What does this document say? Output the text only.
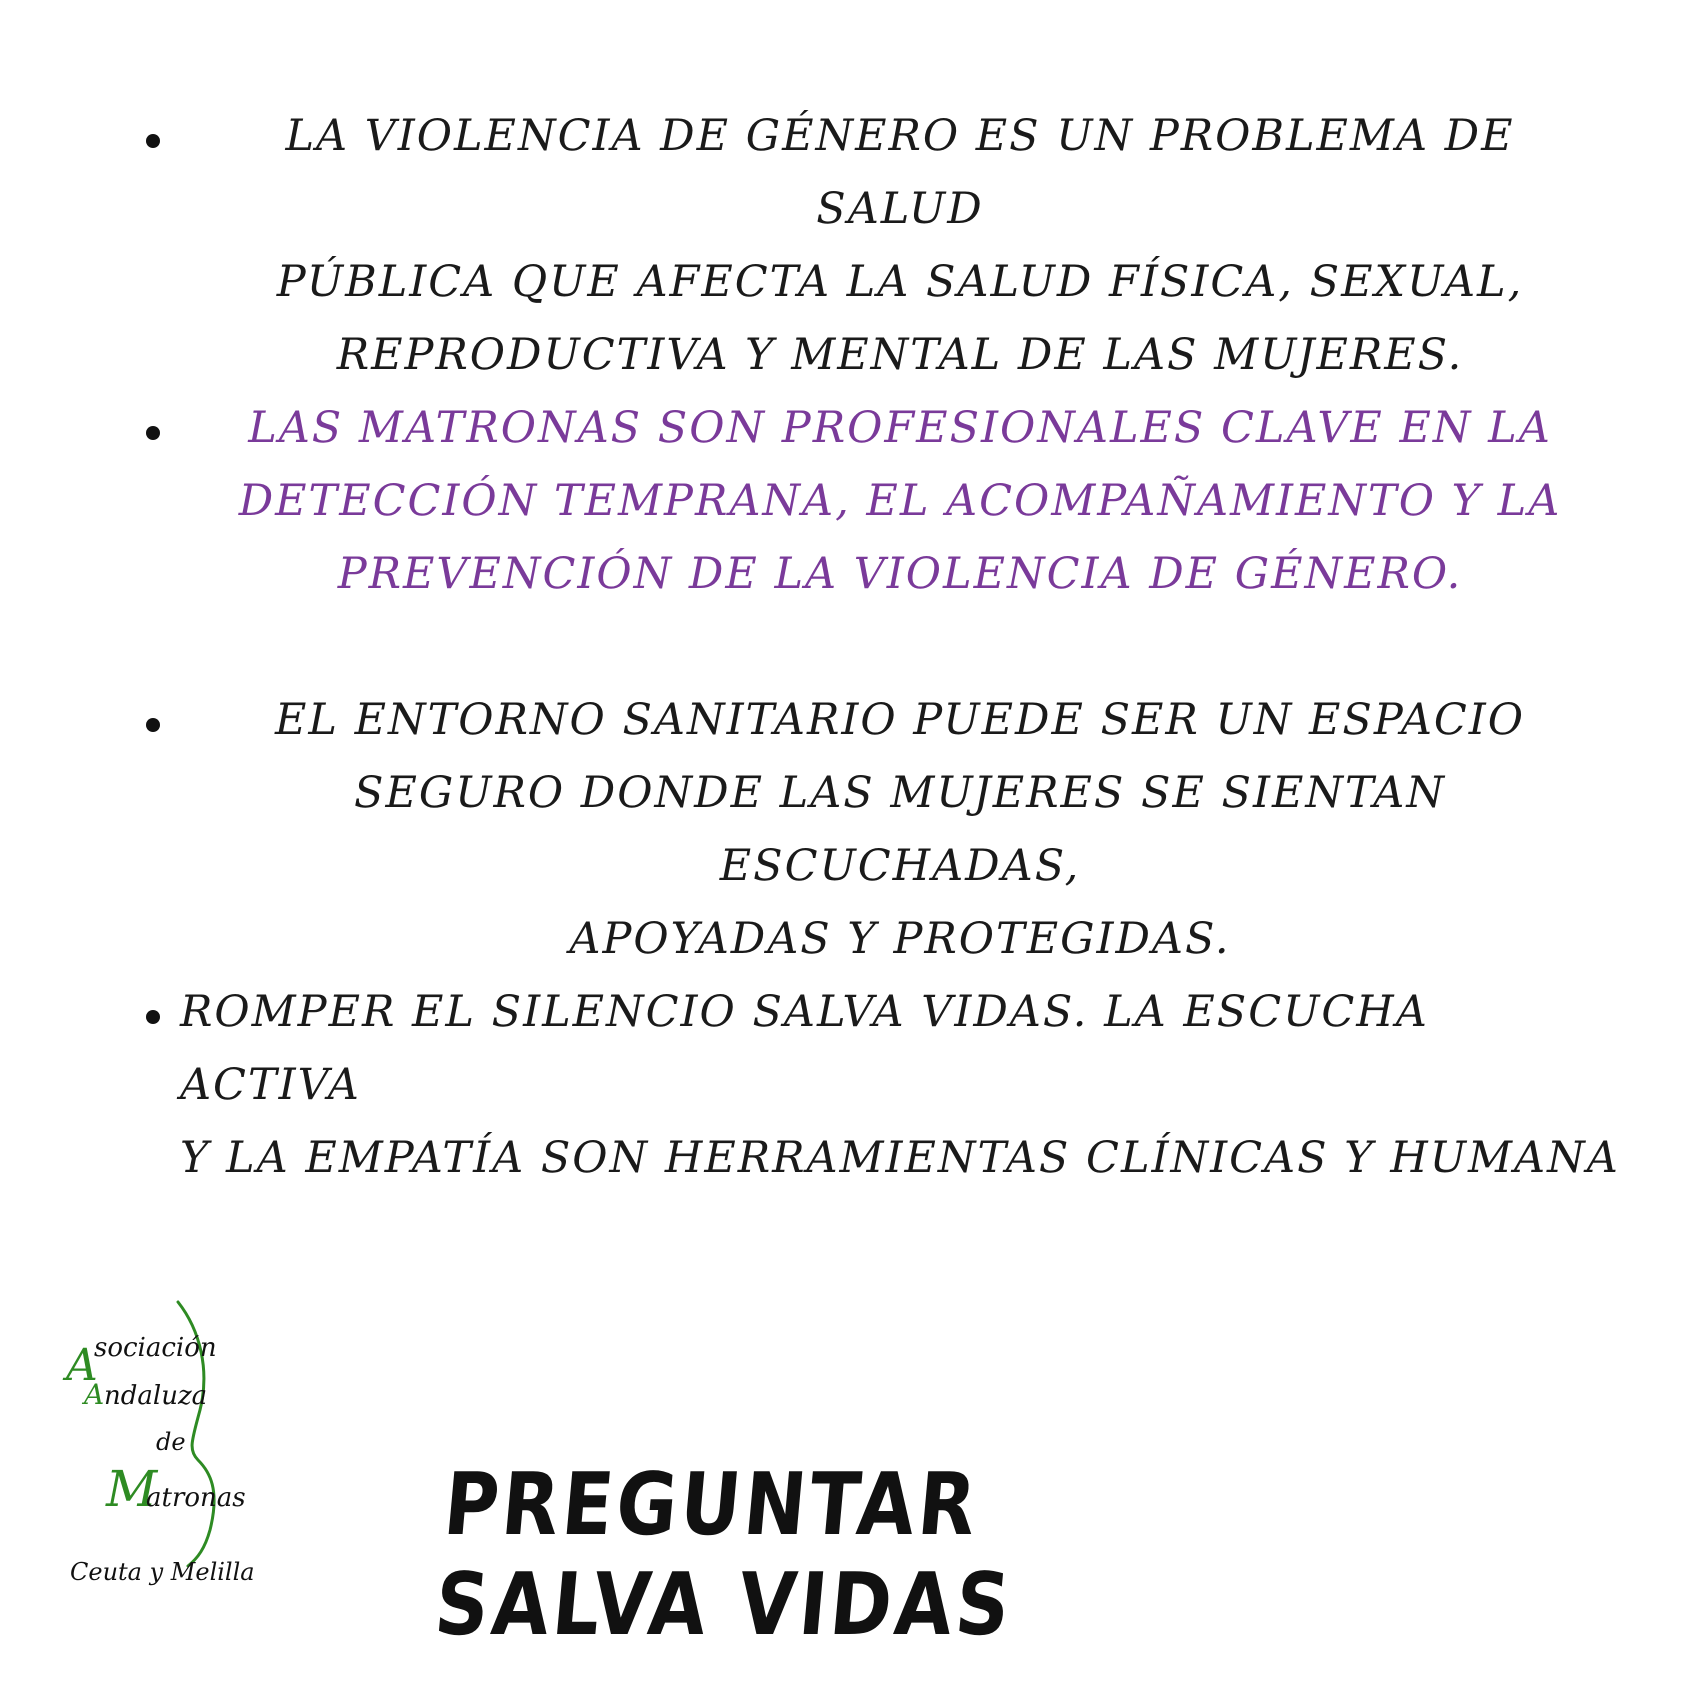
LA VIOLENCIA DE GÉNERO ES UN PROBLEMA DE SALUD
PÚBLICA QUE AFECTA LA SALUD FÍSICA, SEXUAL,
REPRODUCTIVA Y MENTAL DE LAS MUJERES.

LAS MATRONAS SON PROFESIONALES CLAVE EN LA
DETECCIÓN TEMPRANA, EL ACOMPAÑAMIENTO Y LA
PREVENCIÓN DE LA VIOLENCIA DE GÉNERO.

EL ENTORNO SANITARIO PUEDE SER UN ESPACIO
SEGURO DONDE LAS MUJERES SE SIENTAN ESCUCHADAS,
APOYADAS Y PROTEGIDAS.

ROMPER EL SILENCIO SALVA VIDAS. LA ESCUCHA ACTIVA
Y LA EMPATÍA SON HERRAMIENTAS CLÍNICAS Y HUMANA

A
sociación
A ndaluza
de
M
atronas
Ceuta y Melilla

PREGUNTAR SALVA VIDAS
